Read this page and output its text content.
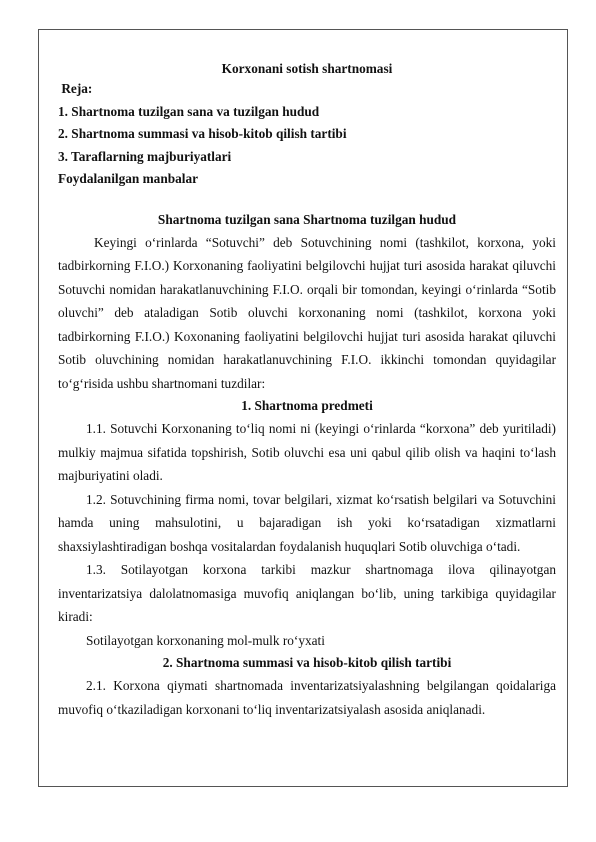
Korxonani sotish shartnomasi
Reja:
1. Shartnoma tuzilgan sana va tuzilgan hudud
2. Shartnoma summasi va hisob-kitob qilish tartibi
3. Taraflarning majburiyatlari
Foydalanilgan manbalar
Shartnoma tuzilgan sana Shartnoma tuzilgan hudud
Keyingi o‘rinlarda “Sotuvchi” deb Sotuvchining nomi (tashkilot, korxona, yoki tadbirkorning F.I.O.) Korxonaning faoliyatini belgilovchi hujjat turi asosida harakat qiluvchi Sotuvchi nomidan harakatlanuvchining F.I.O. orqali bir tomondan, keyingi o‘rinlarda “Sotib oluvchi” deb ataladigan Sotib oluvchi korxonaning nomi (tashkilot, korxona yoki tadbirkorning F.I.O.) Koxonaning faoliyatini belgilovchi hujjat turi asosida harakat qiluvchi Sotib oluvchining nomidan harakatlanuvchining F.I.O. ikkinchi tomondan quyidagilar to‘g‘risida ushbu shartnomani tuzdilar:
1. Shartnoma predmeti
1.1. Sotuvchi Korxonaning to‘liq nomi ni (keyingi o‘rinlarda “korxona” deb yuritiladi) mulkiy majmua sifatida topshirish, Sotib oluvchi esa uni qabul qilib olish va haqini to‘lash majburiyatini oladi.
1.2. Sotuvchining firma nomi, tovar belgilari, xizmat ko‘rsatish belgilari va Sotuvchini hamda uning mahsulotini, u bajaradigan ish yoki ko‘rsatadigan xizmatlarni shaxsiylashtiradigan boshqa vositalardan foydalanish huquqlari Sotib oluvchiga o‘tadi.
1.3. Sotilayotgan korxona tarkibi mazkur shartnomaga ilova qilinayotgan inventarizatsiya dalolatnomasiga muvofiq aniqlangan bo‘lib, uning tarkibiga quyidagilar kiradi:
Sotilayotgan korxonaning mol-mulk ro‘yxati
2. Shartnoma summasi va hisob-kitob qilish tartibi
2.1. Korxona qiymati shartnomada inventarizatsiyalashning belgilangan qoidalariga muvofiq o‘tkaziladigan korxonani to‘liq inventarizatsiyalash asosida aniqlanadi.
